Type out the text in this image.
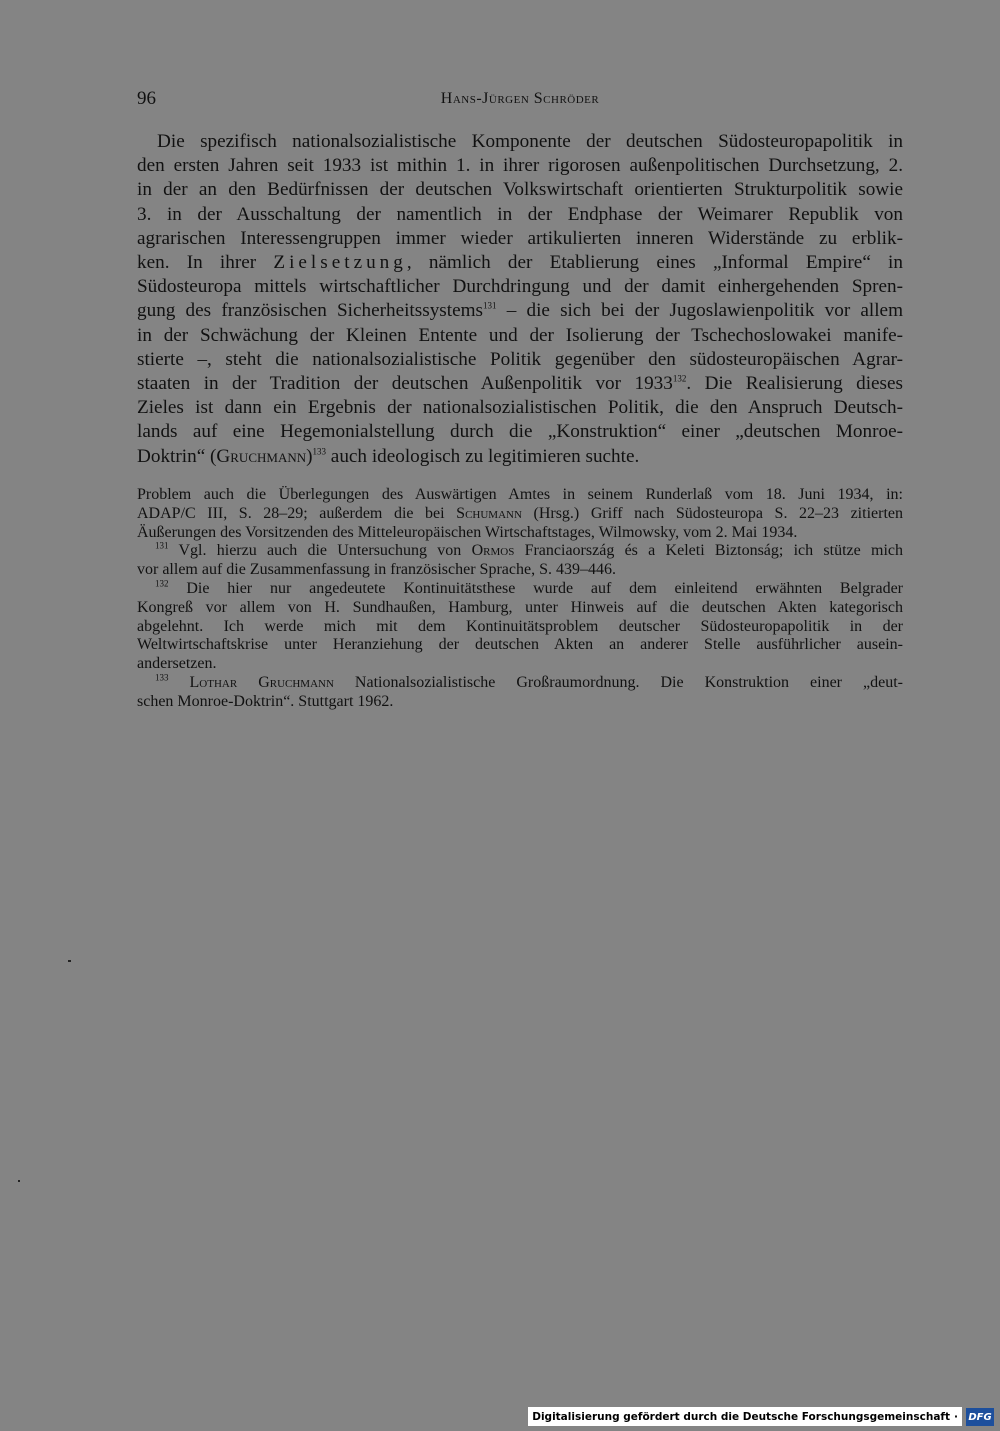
96	Hans-Jürgen Schröder
Die spezifisch nationalsozialistische Komponente der deutschen Südosteuropapolitik in
den ersten Jahren seit 1933 ist mithin 1. in ihrer rigorosen außenpolitischen Durchsetzung, 2.
in der an den Bedürfnissen der deutschen Volkswirtschaft orientierten Strukturpolitik sowie
3. in der Ausschaltung der namentlich in der Endphase der Weimarer Republik von
agrarischen Interessengruppen immer wieder artikulierten inneren Widerstände zu erblik-
ken. In ihrer Zielsetzung, nämlich der Etablierung eines „Informal Empire“ in
Südosteuropa mittels wirtschaftlicher Durchdringung und der damit einhergehenden Spren-
gung des französischen Sicherheitssystems$^{131}$ – die sich bei der Jugoslawienpolitik vor allem
in der Schwächung der Kleinen Entente und der Isolierung der Tschechoslowakei manife-
stierte –, steht die nationalsozialistische Politik gegenüber den südosteuropäischen Agrar-
staaten in der Tradition der deutschen Außenpolitik vor 1933$^{132}$. Die Realisierung dieses
Zieles ist dann ein Ergebnis der nationalsozialistischen Politik, die den Anspruch Deutsch-
lands auf eine Hegemonialstellung durch die „Konstruktion“ einer „deutschen Monroe-
Doktrin“ (Gruchmann)$^{133}$ auch ideologisch zu legitimieren suchte.
Problem auch die Überlegungen des Auswärtigen Amtes in seinem Runderlaß vom 18. Juni 1934, in:
ADAP/C III, S. 28–29; außerdem die bei Schumann (Hrsg.) Griff nach Südosteuropa S. 22–23 zitierten
Äußerungen des Vorsitzenden des Mitteleuropäischen Wirtschaftstages, Wilmowsky, vom 2. Mai 1934.
$^{131}$ Vgl. hierzu auch die Untersuchung von Ormos Franciaország és a Keleti Biztonság; ich stütze mich
vor allem auf die Zusammenfassung in französischer Sprache, S. 439–446.
$^{132}$ Die hier nur angedeutete Kontinuitätsthese wurde auf dem einleitend erwähnten Belgrader
Kongreß vor allem von H. Sundhaußen, Hamburg, unter Hinweis auf die deutschen Akten kategorisch
abgelehnt. Ich werde mich mit dem Kontinuitätsproblem deutscher Südosteuropapolitik in der
Weltwirtschaftskrise unter Heranziehung der deutschen Akten an anderer Stelle ausführlicher ausein-
andersetzen.
$^{133}$ Lothar Gruchmann Nationalsozialistische Großraumordnung. Die Konstruktion einer „deut-
schen Monroe-Doktrin“. Stuttgart 1962.
Digitalisierung gefördert durch die Deutsche Forschungsgemeinschaft · DFG
